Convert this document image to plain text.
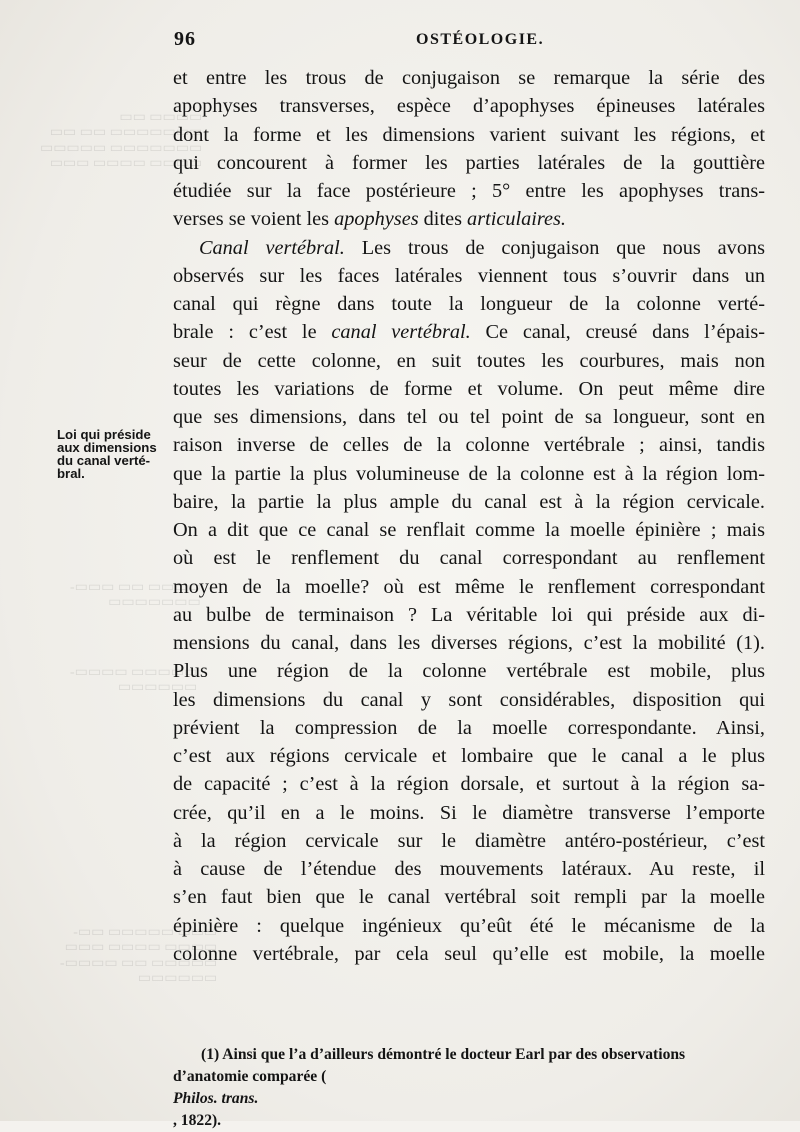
▭▭▭▭ ▭▭
▭▭▭▭▭▭▭ ▭▭ ▭▭
▭▭▭▭▭▭▭ ▭▭▭▭▭
▭▭▭▭ ▭▭▭▭ ▭▭▭
▭▭▭▭ ▭▭ ▭▭▭-
▭▭▭▭▭▭▭
▭▭▭▭▭ ▭▭▭▭-
▭▭▭▭▭▭
▭▭▭ ▭▭▭▭▭ ▭▭-
▭▭▭▭ ▭▭▭▭ ▭▭▭
▭▭▭▭▭ ▭▭ ▭▭▭▭-
▭▭▭▭▭▭
96	OSTÉOLOGIE.
Loi qui préside
aux dimensions
du canal verté-
bral.
et entre les trous de conjugaison se remarque la série des
apophyses transverses, espèce d’apophyses épineuses latérales
dont la forme et les dimensions varient suivant les régions, et
qui concourent à former les parties latérales de la gouttière
étudiée sur la face postérieure ; 5° entre les apophyses trans-
verses se voient les apophyses dites articulaires.
Canal vertébral. Les trous de conjugaison que nous avons
observés sur les faces latérales viennent tous s’ouvrir dans un
canal qui règne dans toute la longueur de la colonne verté-
brale : c’est le canal vertébral. Ce canal, creusé dans l’épais-
seur de cette colonne, en suit toutes les courbures, mais non
toutes les variations de forme et volume. On peut même dire
que ses dimensions, dans tel ou tel point de sa longueur, sont en
raison inverse de celles de la colonne vertébrale ; ainsi, tandis
que la partie la plus volumineuse de la colonne est à la région lom-
baire, la partie la plus ample du canal est à la région cervicale.
On a dit que ce canal se renflait comme la moelle épinière ; mais
où est le renflement du canal correspondant au renflement
moyen de la moelle? où est même le renflement correspondant
au bulbe de terminaison ? La véritable loi qui préside aux di-
mensions du canal, dans les diverses régions, c’est la mobilité (1).
Plus une région de la colonne vertébrale est mobile, plus
les dimensions du canal y sont considérables, disposition qui
prévient la compression de la moelle correspondante. Ainsi,
c’est aux régions cervicale et lombaire que le canal a le plus
de capacité ; c’est à la région dorsale, et surtout à la région sa-
crée, qu’il en a le moins. Si le diamètre transverse l’emporte
à la région cervicale sur le diamètre antéro-postérieur, c’est
à cause de l’étendue des mouvements latéraux. Au reste, il
s’en faut bien que le canal vertébral soit rempli par la moelle
épinière : quelque ingénieux qu’eût été le mécanisme de la
colonne vertébrale, par cela seul qu’elle est mobile, la moelle
(1) Ainsi que l’a d’ailleurs démontré le docteur Earl par des observations
d’anatomie comparée (
Philos. trans.
, 1822).
